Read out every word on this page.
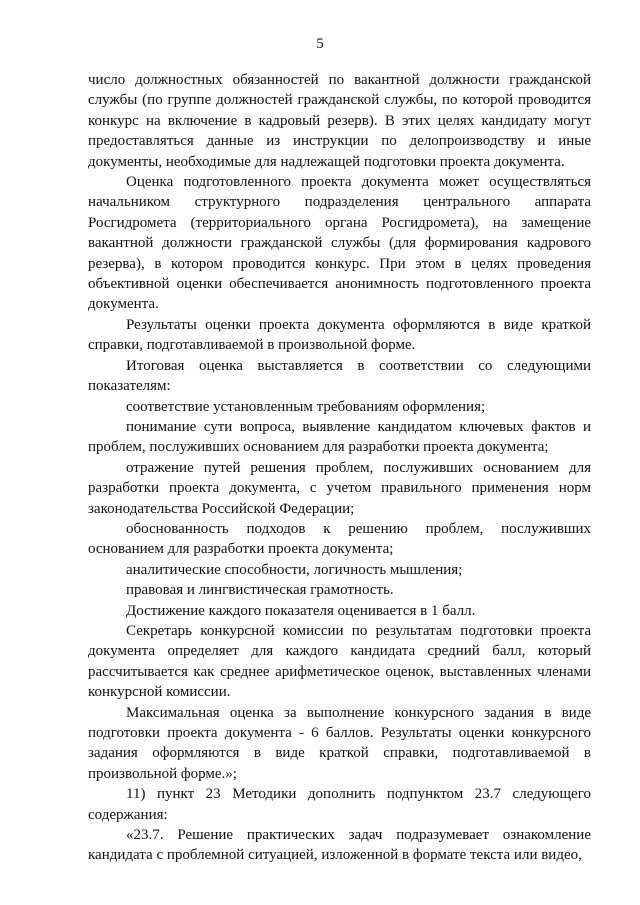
5

число должностных обязанностей по вакантной должности гражданской службы (по группе должностей гражданской службы, по которой проводится конкурс на включение в кадровый резерв). В этих целях кандидату могут предоставляться данные из инструкции по делопроизводству и иные документы, необходимые для надлежащей подготовки проекта документа.

Оценка подготовленного проекта документа может осуществляться начальником структурного подразделения центрального аппарата Росгидромета (территориального органа Росгидромета), на замещение вакантной должности гражданской службы (для формирования кадрового резерва), в котором проводится конкурс. При этом в целях проведения объективной оценки обеспечивается анонимность подготовленного проекта документа.

Результаты оценки проекта документа оформляются в виде краткой справки, подготавливаемой в произвольной форме.

Итоговая оценка выставляется в соответствии со следующими показателям:

соответствие установленным требованиям оформления;

понимание сути вопроса, выявление кандидатом ключевых фактов и проблем, послуживших основанием для разработки проекта документа;

отражение путей решения проблем, послуживших основанием для разработки проекта документа, с учетом правильного применения норм законодательства Российской Федерации;

обоснованность подходов к решению проблем, послуживших основанием для разработки проекта документа;

аналитические способности, логичность мышления;

правовая и лингвистическая грамотность.

Достижение каждого показателя оценивается в 1 балл.

Секретарь конкурсной комиссии по результатам подготовки проекта документа определяет для каждого кандидата средний балл, который рассчитывается как среднее арифметическое оценок, выставленных членами конкурсной комиссии.

Максимальная оценка за выполнение конкурсного задания в виде подготовки проекта документа - 6 баллов. Результаты оценки конкурсного задания оформляются в виде краткой справки, подготавливаемой в произвольной форме.»;

11) пункт 23 Методики дополнить подпунктом 23.7 следующего содержания:

«23.7. Решение практических задач подразумевает ознакомление кандидата с проблемной ситуацией, изложенной в формате текста или видео,
